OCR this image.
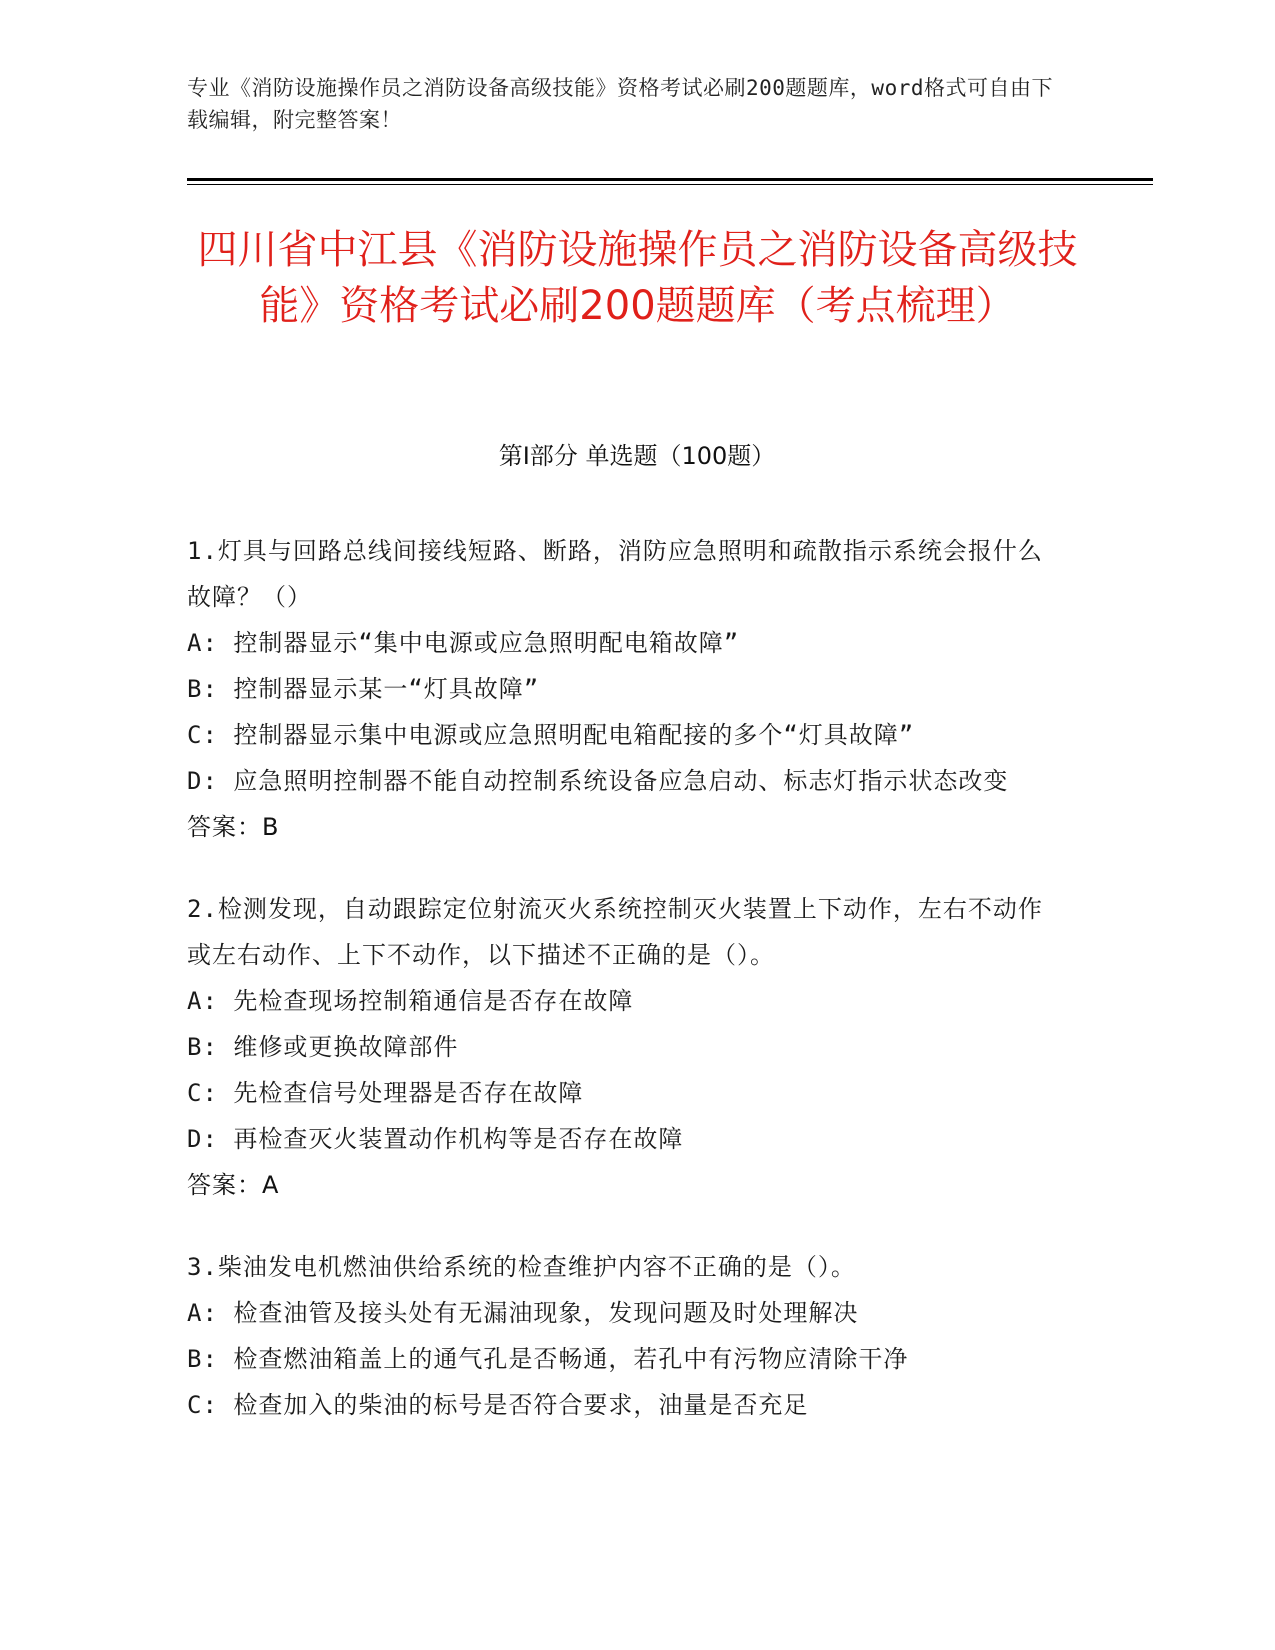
专业《消防设施操作员之消防设备高级技能》资格考试必刷200题题库，word格式可自由下载编辑，附完整答案！
四川省中江县《消防设施操作员之消防设备高级技能》资格考试必刷200题题库（考点梳理）
第Ⅰ部分 单选题（100题）
1.灯具与回路总线间接线短路、断路，消防应急照明和疏散指示系统会报什么故障？（）
A: 控制器显示“集中电源或应急照明配电箱故障”
B: 控制器显示某一“灯具故障”
C: 控制器显示集中电源或应急照明配电箱配接的多个“灯具故障”
D: 应急照明控制器不能自动控制系统设备应急启动、标志灯指示状态改变
答案：B
2.检测发现，自动跟踪定位射流灭火系统控制灭火装置上下动作，左右不动作或左右动作、上下不动作，以下描述不正确的是（）。
A: 先检查现场控制箱通信是否存在故障
B: 维修或更换故障部件
C: 先检查信号处理器是否存在故障
D: 再检查灭火装置动作机构等是否存在故障
答案：A
3.柴油发电机燃油供给系统的检查维护内容不正确的是（）。
A: 检查油管及接头处有无漏油现象，发现问题及时处理解决
B: 检查燃油箱盖上的通气孔是否畅通，若孔中有污物应清除干净
C: 检查加入的柴油的标号是否符合要求，油量是否充足
